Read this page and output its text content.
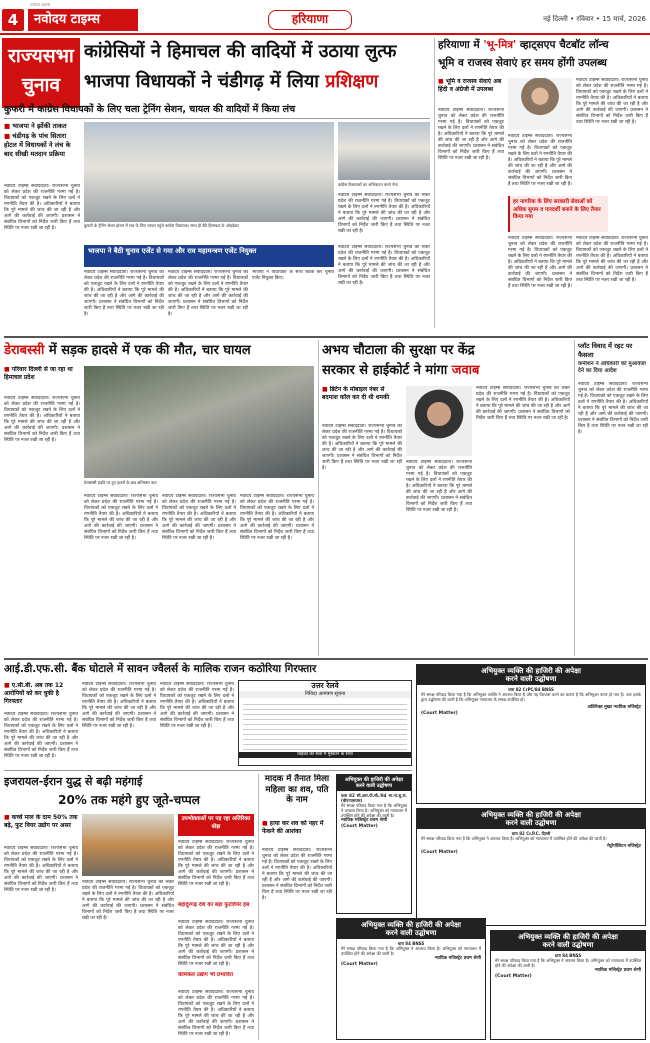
नवोदय टाइम्स
4	नवोदय टाइम्स	हरियाणा	नई दिल्ली • रविवार • 15 मार्च, 2026
राज्यसभा चुनाव
कांग्रेसियों ने हिमाचल की वादियों में उठाया लुत्फ
भाजपा विधायकों ने चंडीगढ़ में लिया प्रशिक्षण
कुफरी में कांग्रेस विधायकों के लिए चला ट्रेनिंग सेशन, चायल की वादियों में किया लंच
■ भाजपा ने झोंकी ताकत
■ चंडीगढ़ के पांच सितारा होटल में विधायकों ने लंच के बाद सीखी मतदान प्रक्रिया
नवोदय टाइम्स संवाददाता। राज्यसभा चुनाव को लेकर प्रदेश की राजनीति गरमा गई है। विधायकों को एकजुट रखने के लिए दलों ने रणनीति तैयार की है। अधिकारियों ने बताया कि पूरे मामले की जांच की जा रही है और आगे की कार्रवाई की जाएगी। प्रशासन ने संबंधित विभागों को निर्देश जारी किए हैं तथा स्थिति पर नजर रखी जा रही है।
कांग्रेस विधायकों का अभिवादन करते नेता
कुफरी के ट्रेनिंग सेशन होटल में लंच के लिए चायल पहुंचे कांग्रेस विधायक। साथ ही बैठे हिमाचल के ओहदेदार
नवोदय टाइम्स संवाददाता। राज्यसभा चुनाव को लेकर प्रदेश की राजनीति गरमा गई है। विधायकों को एकजुट रखने के लिए दलों ने रणनीति तैयार की है। अधिकारियों ने बताया कि पूरे मामले की जांच की जा रही है और आगे की कार्रवाई की जाएगी। प्रशासन ने संबंधित विभागों को निर्देश जारी किए हैं तथा स्थिति पर नजर रखी जा रही है।
भाजपा ने बैठी चुनाव एजेंट से गया और राव महामन्त्रण एजेंट नियुक्त
नवोदय टाइम्स संवाददाता। राज्यसभा चुनाव को लेकर प्रदेश की राजनीति गरमा गई है। विधायकों को एकजुट रखने के लिए दलों ने रणनीति तैयार की है। अधिकारियों ने बताया कि पूरे मामले की जांच की जा रही है और आगे की कार्रवाई की जाएगी। प्रशासन ने संबंधित विभागों को निर्देश जारी किए हैं तथा स्थिति पर नजर रखी जा रही है।
नवोदय टाइम्स संवाददाता। राज्यसभा चुनाव को लेकर प्रदेश की राजनीति गरमा गई है। विधायकों को एकजुट रखने के लिए दलों ने रणनीति तैयार की है। अधिकारियों ने बताया कि पूरे मामले की जांच की जा रही है और आगे की कार्रवाई की जाएगी। प्रशासन ने संबंधित विभागों को निर्देश जारी किए हैं तथा स्थिति पर नजर रखी जा रही है।
भाजपा ने विधायकों के साथ बैठक कर चुनाव एजेंट नियुक्त किए।
नवोदय टाइम्स संवाददाता। राज्यसभा चुनाव को लेकर प्रदेश की राजनीति गरमा गई है। विधायकों को एकजुट रखने के लिए दलों ने रणनीति तैयार की है। अधिकारियों ने बताया कि पूरे मामले की जांच की जा रही है और आगे की कार्रवाई की जाएगी। प्रशासन ने संबंधित विभागों को निर्देश जारी किए हैं तथा स्थिति पर नजर रखी जा रही है।
हरियाणा में 'भू-मित्र' व्हाट्सएप चैटबॉट लॉन्च
भूमि व राजस्व सेवाएं हर समय होंगी उपलब्ध
■ भूमि व राजस्व सेवाएं अब हिंदी व अंग्रेजी में उपलब्ध
नवोदय टाइम्स संवाददाता। राज्यसभा चुनाव को लेकर प्रदेश की राजनीति गरमा गई है। विधायकों को एकजुट रखने के लिए दलों ने रणनीति तैयार की है। अधिकारियों ने बताया कि पूरे मामले की जांच की जा रही है और आगे की कार्रवाई की जाएगी। प्रशासन ने संबंधित विभागों को निर्देश जारी किए हैं तथा स्थिति पर नजर रखी जा रही है।
नवोदय टाइम्स संवाददाता। राज्यसभा चुनाव को लेकर प्रदेश की राजनीति गरमा गई है। विधायकों को एकजुट रखने के लिए दलों ने रणनीति तैयार की है। अधिकारियों ने बताया कि पूरे मामले की जांच की जा रही है और आगे की कार्रवाई की जाएगी। प्रशासन ने संबंधित विभागों को निर्देश जारी किए हैं तथा स्थिति पर नजर रखी जा रही है।
हर नागरिक के लिए सरकारी सेवाओं को अधिक सुगम व पारदर्शी बनाने के लिए तैयार किया गया
नवोदय टाइम्स संवाददाता। राज्यसभा चुनाव को लेकर प्रदेश की राजनीति गरमा गई है। विधायकों को एकजुट रखने के लिए दलों ने रणनीति तैयार की है। अधिकारियों ने बताया कि पूरे मामले की जांच की जा रही है और आगे की कार्रवाई की जाएगी। प्रशासन ने संबंधित विभागों को निर्देश जारी किए हैं तथा स्थिति पर नजर रखी जा रही है।
नवोदय टाइम्स संवाददाता। राज्यसभा चुनाव को लेकर प्रदेश की राजनीति गरमा गई है। विधायकों को एकजुट रखने के लिए दलों ने रणनीति तैयार की है। अधिकारियों ने बताया कि पूरे मामले की जांच की जा रही है और आगे की कार्रवाई की जाएगी। प्रशासन ने संबंधित विभागों को निर्देश जारी किए हैं तथा स्थिति पर नजर रखी जा रही है।
नवोदय टाइम्स संवाददाता। राज्यसभा चुनाव को लेकर प्रदेश की राजनीति गरमा गई है। विधायकों को एकजुट रखने के लिए दलों ने रणनीति तैयार की है। अधिकारियों ने बताया कि पूरे मामले की जांच की जा रही है और आगे की कार्रवाई की जाएगी। प्रशासन ने संबंधित विभागों को निर्देश जारी किए हैं तथा स्थिति पर नजर रखी जा रही है।
डेराबस्सी में सड़क हादसे में एक की मौत, चार घायल
■ परिवार दिल्ली से जा रहा था हिमाचल प्रदेश
नवोदय टाइम्स संवाददाता। राज्यसभा चुनाव को लेकर प्रदेश की राजनीति गरमा गई है। विधायकों को एकजुट रखने के लिए दलों ने रणनीति तैयार की है। अधिकारियों ने बताया कि पूरे मामले की जांच की जा रही है और आगे की कार्रवाई की जाएगी। प्रशासन ने संबंधित विभागों को निर्देश जारी किए हैं तथा स्थिति पर नजर रखी जा रही है।
डेराबस्सी हाईवे पर हुए हादसे के बाद क्षतिग्रस्त कार
नवोदय टाइम्स संवाददाता। राज्यसभा चुनाव को लेकर प्रदेश की राजनीति गरमा गई है। विधायकों को एकजुट रखने के लिए दलों ने रणनीति तैयार की है। अधिकारियों ने बताया कि पूरे मामले की जांच की जा रही है और आगे की कार्रवाई की जाएगी। प्रशासन ने संबंधित विभागों को निर्देश जारी किए हैं तथा स्थिति पर नजर रखी जा रही है।
नवोदय टाइम्स संवाददाता। राज्यसभा चुनाव को लेकर प्रदेश की राजनीति गरमा गई है। विधायकों को एकजुट रखने के लिए दलों ने रणनीति तैयार की है। अधिकारियों ने बताया कि पूरे मामले की जांच की जा रही है और आगे की कार्रवाई की जाएगी। प्रशासन ने संबंधित विभागों को निर्देश जारी किए हैं तथा स्थिति पर नजर रखी जा रही है।
नवोदय टाइम्स संवाददाता। राज्यसभा चुनाव को लेकर प्रदेश की राजनीति गरमा गई है। विधायकों को एकजुट रखने के लिए दलों ने रणनीति तैयार की है। अधिकारियों ने बताया कि पूरे मामले की जांच की जा रही है और आगे की कार्रवाई की जाएगी। प्रशासन ने संबंधित विभागों को निर्देश जारी किए हैं तथा स्थिति पर नजर रखी जा रही है।
अभय चौटाला की सुरक्षा पर केंद्र
सरकार से हाईकोर्ट ने मांगा जवाब
■ ब्रिटेन के मोबाइल नंबर से बदमाश कॉल कर दी थी धमकी
नवोदय टाइम्स संवाददाता। राज्यसभा चुनाव को लेकर प्रदेश की राजनीति गरमा गई है। विधायकों को एकजुट रखने के लिए दलों ने रणनीति तैयार की है। अधिकारियों ने बताया कि पूरे मामले की जांच की जा रही है और आगे की कार्रवाई की जाएगी। प्रशासन ने संबंधित विभागों को निर्देश जारी किए हैं तथा स्थिति पर नजर रखी जा रही है।
नवोदय टाइम्स संवाददाता। राज्यसभा चुनाव को लेकर प्रदेश की राजनीति गरमा गई है। विधायकों को एकजुट रखने के लिए दलों ने रणनीति तैयार की है। अधिकारियों ने बताया कि पूरे मामले की जांच की जा रही है और आगे की कार्रवाई की जाएगी। प्रशासन ने संबंधित विभागों को निर्देश जारी किए हैं तथा स्थिति पर नजर रखी जा रही है।
नवोदय टाइम्स संवाददाता। राज्यसभा चुनाव को लेकर प्रदेश की राजनीति गरमा गई है। विधायकों को एकजुट रखने के लिए दलों ने रणनीति तैयार की है। अधिकारियों ने बताया कि पूरे मामले की जांच की जा रही है और आगे की कार्रवाई की जाएगी। प्रशासन ने संबंधित विभागों को निर्देश जारी किए हैं तथा स्थिति पर नजर रखी जा रही है।
प्लॉट विवाद में रहट पर फैसला
कमीशन ने अधिकारी को मुआवजा देने का दिया आदेश
नवोदय टाइम्स संवाददाता। राज्यसभा चुनाव को लेकर प्रदेश की राजनीति गरमा गई है। विधायकों को एकजुट रखने के लिए दलों ने रणनीति तैयार की है। अधिकारियों ने बताया कि पूरे मामले की जांच की जा रही है और आगे की कार्रवाई की जाएगी। प्रशासन ने संबंधित विभागों को निर्देश जारी किए हैं तथा स्थिति पर नजर रखी जा रही है।
अभियुक्त व्यक्ति की हाजिरी की अपेक्षा
करने वाली उद्घोषणा
धारा 82 CrPC/84 BNSS
मेरे समक्ष परिवाद किया गया है कि अभियुक्त व्यक्ति ने अपराध किया है और यह विश्वास करने का कारण है कि अभियुक्त फरार हो गया है। अतः इसके द्वारा उद्घोषणा की जाती है कि अभियुक्त न्यायालय के समक्ष उपस्थित हो।
अतिरिक्त मुख्य न्यायिक मजिस्ट्रेट
(Court Matter)
आई.डी.एफ.सी. बैंक घोटाले में सावन ज्वैलर्स के मालिक राजन कठोरिया गिरफ्तार
■ ए.सी.बी. अब तक 12 आरोपियों को कर चुकी है गिरफ्तार
नवोदय टाइम्स संवाददाता। राज्यसभा चुनाव को लेकर प्रदेश की राजनीति गरमा गई है। विधायकों को एकजुट रखने के लिए दलों ने रणनीति तैयार की है। अधिकारियों ने बताया कि पूरे मामले की जांच की जा रही है और आगे की कार्रवाई की जाएगी। प्रशासन ने संबंधित विभागों को निर्देश जारी किए हैं तथा स्थिति पर नजर रखी जा रही है।
नवोदय टाइम्स संवाददाता। राज्यसभा चुनाव को लेकर प्रदेश की राजनीति गरमा गई है। विधायकों को एकजुट रखने के लिए दलों ने रणनीति तैयार की है। अधिकारियों ने बताया कि पूरे मामले की जांच की जा रही है और आगे की कार्रवाई की जाएगी। प्रशासन ने संबंधित विभागों को निर्देश जारी किए हैं तथा स्थिति पर नजर रखी जा रही है।
नवोदय टाइम्स संवाददाता। राज्यसभा चुनाव को लेकर प्रदेश की राजनीति गरमा गई है। विधायकों को एकजुट रखने के लिए दलों ने रणनीति तैयार की है। अधिकारियों ने बताया कि पूरे मामले की जांच की जा रही है और आगे की कार्रवाई की जाएगी। प्रशासन ने संबंधित विभागों को निर्देश जारी किए हैं तथा स्थिति पर नजर रखी जा रही है।
उत्तर रेलवे
निविदा आमंत्रण सूचना
ग्राहकों की सेवा में मुस्कान के साथ
इजरायल-ईरान युद्ध से बढ़ी महंगाई
20% तक महंगे हुए जूते-चप्पल
■ कच्चे माल के दाम 50% तक बढ़े, फुट वियर उद्योग पर असर
नवोदय टाइम्स संवाददाता। राज्यसभा चुनाव को लेकर प्रदेश की राजनीति गरमा गई है। विधायकों को एकजुट रखने के लिए दलों ने रणनीति तैयार की है। अधिकारियों ने बताया कि पूरे मामले की जांच की जा रही है और आगे की कार्रवाई की जाएगी। प्रशासन ने संबंधित विभागों को निर्देश जारी किए हैं तथा स्थिति पर नजर रखी जा रही है।
नवोदय टाइम्स संवाददाता। राज्यसभा चुनाव को लेकर प्रदेश की राजनीति गरमा गई है। विधायकों को एकजुट रखने के लिए दलों ने रणनीति तैयार की है। अधिकारियों ने बताया कि पूरे मामले की जांच की जा रही है और आगे की कार्रवाई की जाएगी। प्रशासन ने संबंधित विभागों को निर्देश जारी किए हैं तथा स्थिति पर नजर रखी जा रही है।
उपभोक्ताओं पर पड़ रहा अतिरिक्त बोझ
नवोदय टाइम्स संवाददाता। राज्यसभा चुनाव को लेकर प्रदेश की राजनीति गरमा गई है। विधायकों को एकजुट रखने के लिए दलों ने रणनीति तैयार की है। अधिकारियों ने बताया कि पूरे मामले की जांच की जा रही है और आगे की कार्रवाई की जाएगी। प्रशासन ने संबंधित विभागों को निर्देश जारी किए हैं तथा स्थिति पर नजर रखी जा रही है।
बहादुरगढ़ देश का बड़ा फुटवियर हब
नवोदय टाइम्स संवाददाता। राज्यसभा चुनाव को लेकर प्रदेश की राजनीति गरमा गई है। विधायकों को एकजुट रखने के लिए दलों ने रणनीति तैयार की है। अधिकारियों ने बताया कि पूरे मामले की जांच की जा रही है और आगे की कार्रवाई की जाएगी। प्रशासन ने संबंधित विभागों को निर्देश जारी किए हैं तथा स्थिति पर नजर रखी जा रही है।
केमिकल उद्योग भी प्रभावित
नवोदय टाइम्स संवाददाता। राज्यसभा चुनाव को लेकर प्रदेश की राजनीति गरमा गई है। विधायकों को एकजुट रखने के लिए दलों ने रणनीति तैयार की है। अधिकारियों ने बताया कि पूरे मामले की जांच की जा रही है और आगे की कार्रवाई की जाएगी। प्रशासन ने संबंधित विभागों को निर्देश जारी किए हैं तथा स्थिति पर नजर रखी जा रही है।
मादक में तैनात मिला महिला का शव, पति के नाम
■ हत्या कर शव को नहर में फेंकने की आशंका
नवोदय टाइम्स संवाददाता। राज्यसभा चुनाव को लेकर प्रदेश की राजनीति गरमा गई है। विधायकों को एकजुट रखने के लिए दलों ने रणनीति तैयार की है। अधिकारियों ने बताया कि पूरे मामले की जांच की जा रही है और आगे की कार्रवाई की जाएगी। प्रशासन ने संबंधित विभागों को निर्देश जारी किए हैं तथा स्थिति पर नजर रखी जा रही है।
अभियुक्त की हाजिरी की अपेक्षा
करने वाली उद्घोषणा
धारा 82 सी.आर.पी.सी./84 भा.ना.सु.सं.(बीएनएसएस)
मेरे समक्ष परिवाद किया गया है कि अभियुक्त ने अपराध किया है। अभियुक्त को न्यायालय में उपस्थित होने की अपेक्षा की जाती है।
न्यायिक मजिस्ट्रेट प्रथम श्रेणी
(Court Matter)
अभियुक्त व्यक्ति की हाजिरी की अपेक्षा
करने वाली उद्घोषणा
धारा 82 Cr.P.C. दिल्ली
मेरे समक्ष परिवाद किया गया है कि अभियुक्त ने अपराध किया है। अभियुक्त को न्यायालय में उपस्थित होने की अपेक्षा की जाती है।
मेट्रोपॉलिटन मजिस्ट्रेट
(Court Matter)
अभियुक्त व्यक्ति की हाजिरी की अपेक्षा
करने वाली उद्घोषणा
धारा 84 BNSS
मेरे समक्ष परिवाद किया गया है कि अभियुक्त ने अपराध किया है। अभियुक्त को न्यायालय में उपस्थित होने की अपेक्षा की जाती है।
न्यायिक मजिस्ट्रेट प्रथम श्रेणी
(Court Matter)
अभियुक्त व्यक्ति की हाजिरी की अपेक्षा
करने वाली उद्घोषणा
धारा 84 BNSS
मेरे समक्ष परिवाद किया गया है कि अभियुक्त ने अपराध किया है। अभियुक्त को न्यायालय में उपस्थित होने की अपेक्षा की जाती है।
न्यायिक मजिस्ट्रेट प्रथम श्रेणी
(Court Matter)
